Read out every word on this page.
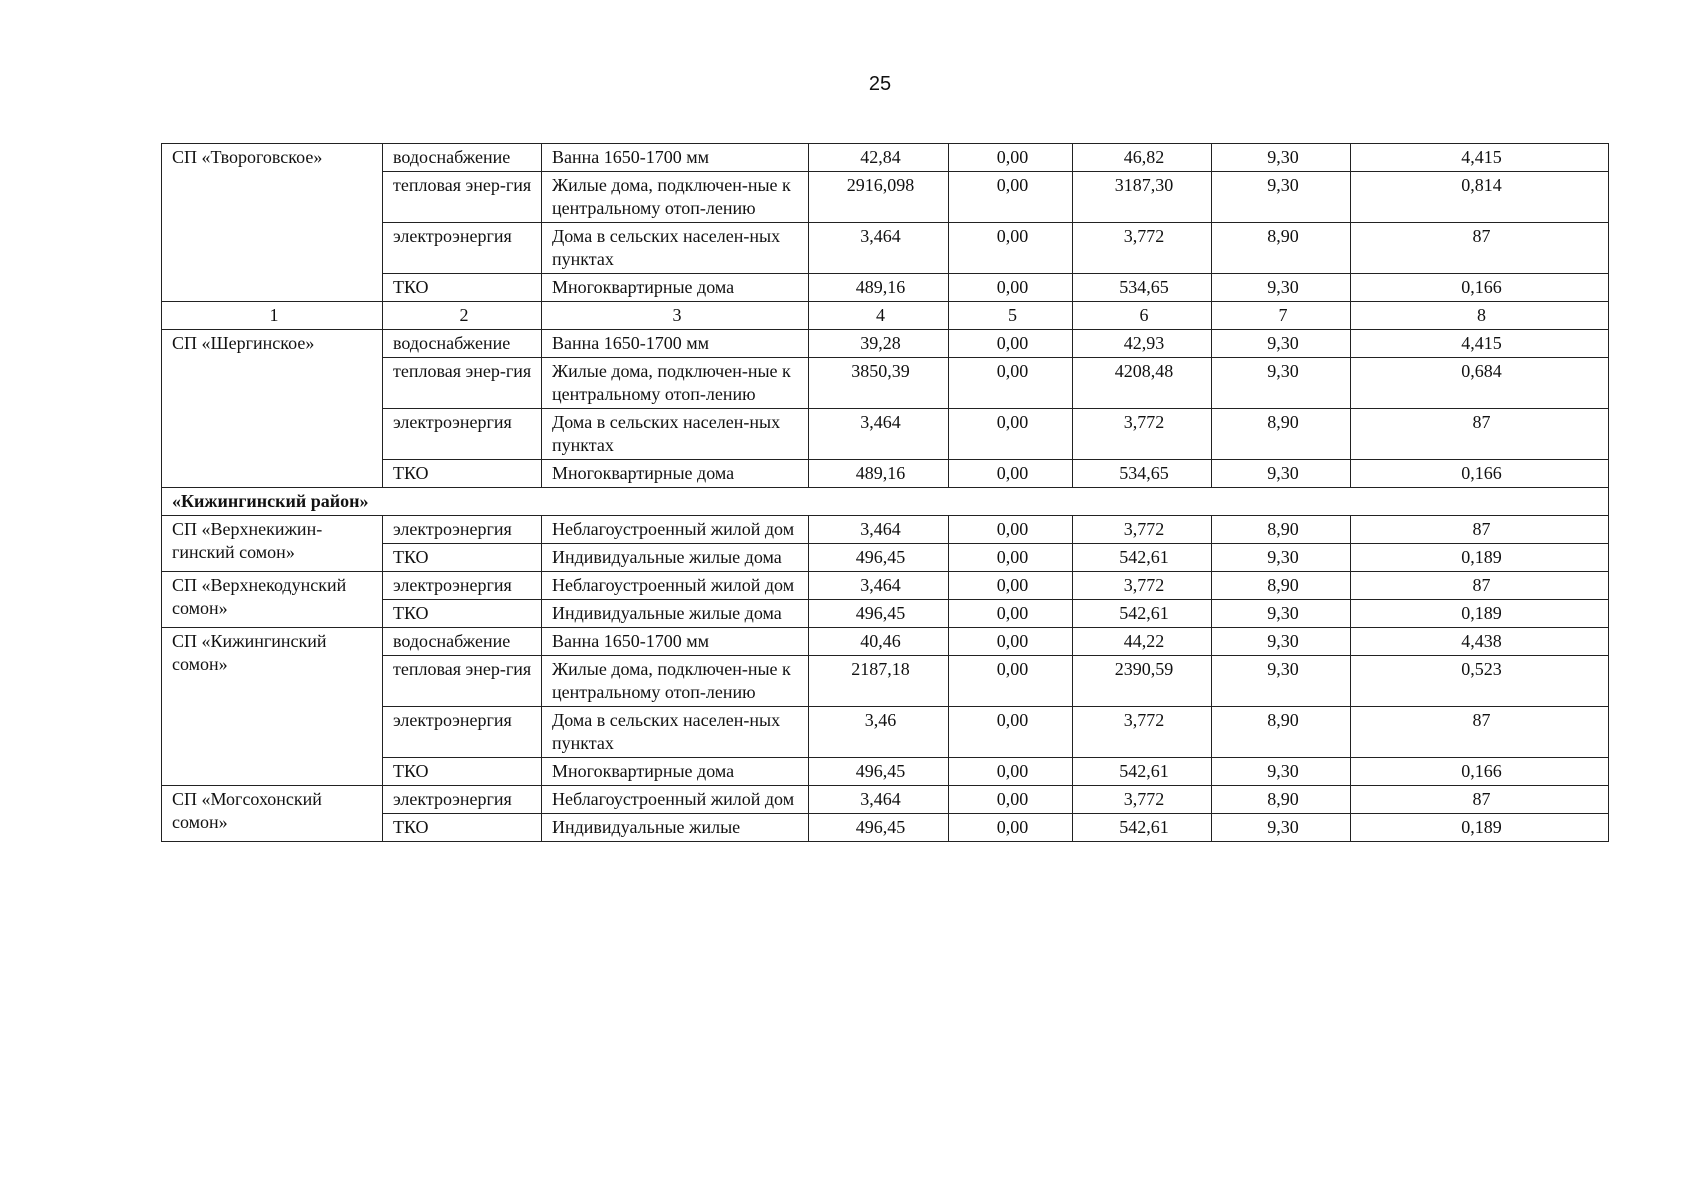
25
СП «Твороговское»	водоснабжение	Ванна 1650-1700 мм	42,84	0,00	46,82	9,30	4,415
	тепловая энер-гия	Жилые дома, подключен-ные к центральному отоп-лению	2916,098	0,00	3187,30	9,30	0,814
	электроэнергия	Дома в сельских населен-ных пунктах	3,464	0,00	3,772	8,90	87
	ТКО	Многоквартирные дома	489,16	0,00	534,65	9,30	0,166
1	2	3	4	5	6	7	8
СП «Шергинское»	водоснабжение	Ванна 1650-1700 мм	39,28	0,00	42,93	9,30	4,415
	тепловая энер-гия	Жилые дома, подключен-ные к центральному отоп-лению	3850,39	0,00	4208,48	9,30	0,684
	электроэнергия	Дома в сельских населен-ных пунктах	3,464	0,00	3,772	8,90	87
	ТКО	Многоквартирные дома	489,16	0,00	534,65	9,30	0,166
«Кижингинский район»							
СП «Верхнекижин-гинский сомон»	электроэнергия	Неблагоустроенный жилой дом	3,464	0,00	3,772	8,90	87
	ТКО	Индивидуальные жилые дома	496,45	0,00	542,61	9,30	0,189
СП «Верхнекодунский сомон»	электроэнергия	Неблагоустроенный жилой дом	3,464	0,00	3,772	8,90	87
	ТКО	Индивидуальные жилые дома	496,45	0,00	542,61	9,30	0,189
СП «Кижингинский сомон»	водоснабжение	Ванна 1650-1700 мм	40,46	0,00	44,22	9,30	4,438
	тепловая энер-гия	Жилые дома, подключен-ные к центральному отоп-лению	2187,18	0,00	2390,59	9,30	0,523
	электроэнергия	Дома в сельских населен-ных пунктах	3,46	0,00	3,772	8,90	87
	ТКО	Многоквартирные дома	496,45	0,00	542,61	9,30	0,166
СП «Могсохонский сомон»	электроэнергия	Неблагоустроенный жилой дом	3,464	0,00	3,772	8,90	87
	ТКО	Индивидуальные жилые	496,45	0,00	542,61	9,30	0,189
